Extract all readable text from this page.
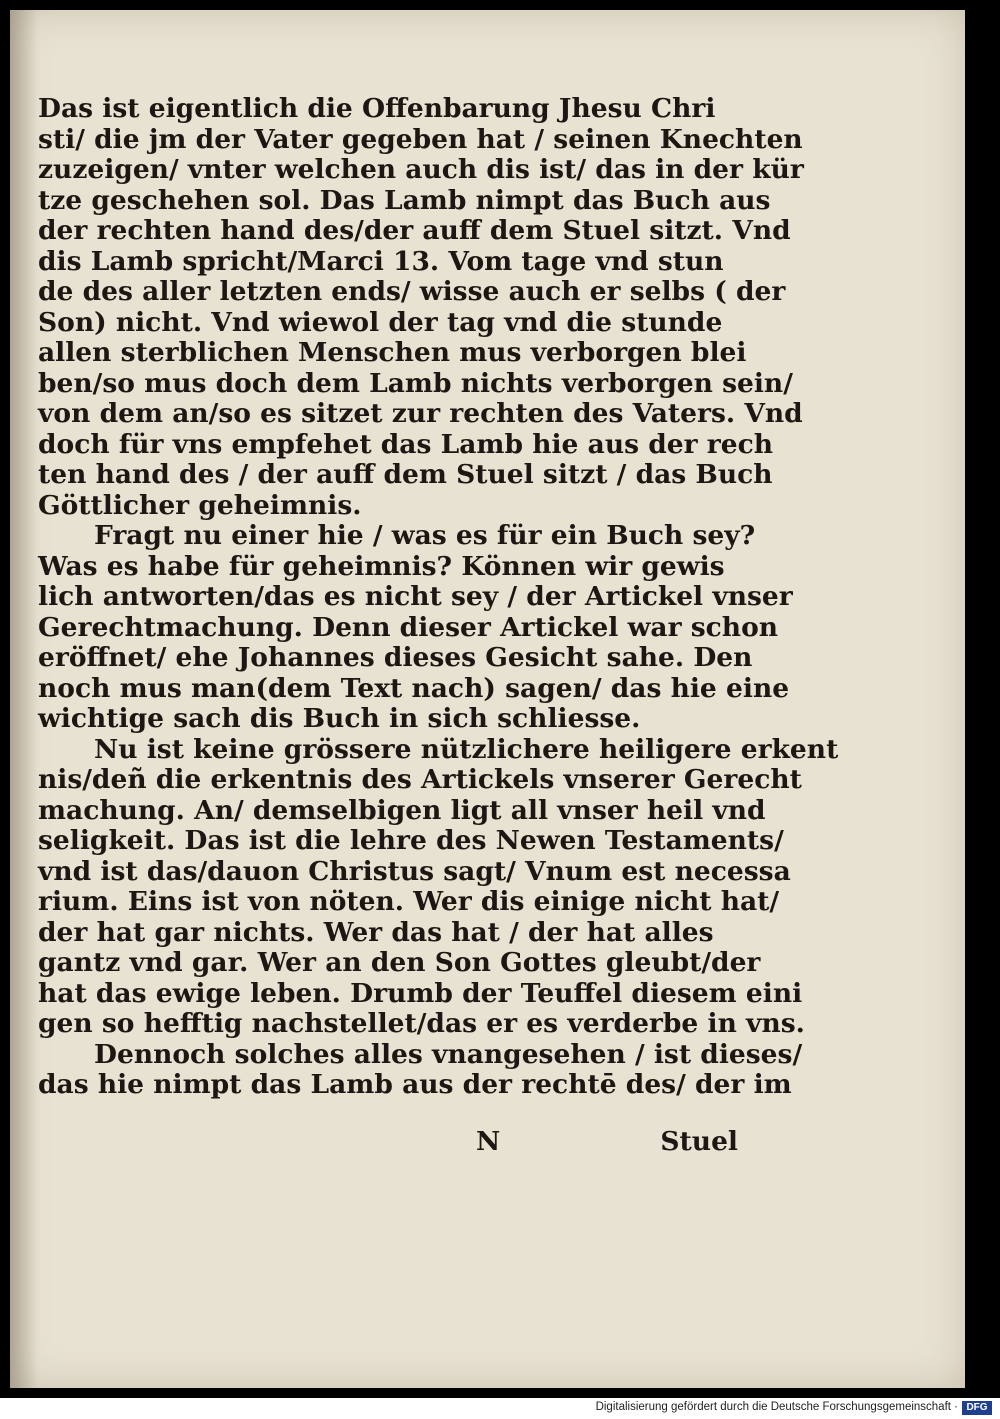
Das ist eigentlich die Offenbarung Jhesu Chri
sti/ die jm der Vater gegeben hat / seinen Knechten
zuzeigen/ vnter welchen auch dis ist/ das in der kür
tze geschehen sol. Das Lamb nimpt das Buch aus
der rechten hand des/der auff dem Stuel sitzt. Vnd
dis Lamb spricht/Marci 13. Vom tage vnd stun
de des aller letzten ends/ wisse auch er selbs ( der
Son) nicht. Vnd wiewol der tag vnd die stunde
allen sterblichen Menschen mus verborgen blei
ben/so mus doch dem Lamb nichts verborgen sein/
von dem an/so es sitzet zur rechten des Vaters. Vnd
doch für vns empfehet das Lamb hie aus der rech
ten hand des / der auff dem Stuel sitzt / das Buch
Göttlicher geheimnis.
Fragt nu einer hie / was es für ein Buch sey?
Was es habe für geheimnis? Können wir gewis
lich antworten/das es nicht sey / der Artickel vnser
Gerechtmachung. Denn dieser Artickel war schon
eröffnet/ ehe Johannes dieses Gesicht sahe. Den
noch mus man(dem Text nach) sagen/ das hie eine
wichtige sach dis Buch in sich schliesse.
Nu ist keine grössere nützlichere heiligere erkent
nis/deñ die erkentnis des Artickels vnserer Gerecht
machung. An/ demselbigen ligt all vnser heil vnd
seligkeit. Das ist die lehre des Newen Testaments/
vnd ist das/dauon Christus sagt/ Vnum est necessa
rium. Eins ist von nöten. Wer dis einige nicht hat/
der hat gar nichts. Wer das hat / der hat alles
gantz vnd gar. Wer an den Son Gottes gleubt/der
hat das ewige leben. Drumb der Teuffel diesem eini
gen so hefftig nachstellet/das er es verderbe in vns.
Dennoch solches alles vnangesehen / ist dieses/
das hie nimpt das Lamb aus der rechtē des/ der im
N	Stuel
Digitalisierung gefördert durch die Deutsche Forschungsgemeinschaft · DFG
